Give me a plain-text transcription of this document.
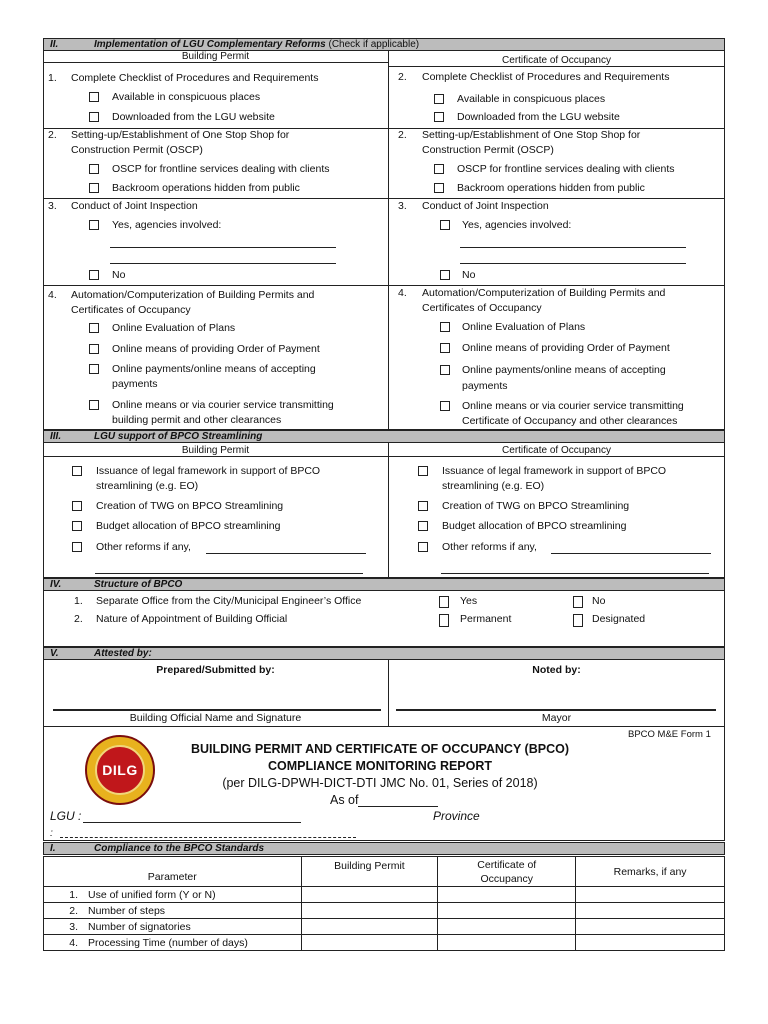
II.	Implementation of LGU Complementary Reforms (Check if applicable)
Building Permit	Certificate of Occupancy
1. Complete Checklist of Procedures and Requirements
Available in conspicuous places
Downloaded from the LGU website
2. Setting-up/Establishment of One Stop Shop for
Construction Permit (OSCP)
OSCP for frontline services dealing with clients
Backroom operations hidden from public
3. Conduct of Joint Inspection
Yes, agencies involved:
No
4. Automation/Computerization of Building Permits and
Certificates of Occupancy
Online Evaluation of Plans
Online means of providing Order of Payment
Online payments/online means of accepting
payments
Online means or via courier service transmitting
building permit and other clearances
2. Complete Checklist of Procedures and Requirements
Available in conspicuous places
Downloaded from the LGU website
2. Setting-up/Establishment of One Stop Shop for
Construction Permit (OSCP)
OSCP for frontline services dealing with clients
Backroom operations hidden from public
3. Conduct of Joint Inspection
Yes, agencies involved:
No
4. Automation/Computerization of Building Permits and
Certificates of Occupancy
Online Evaluation of Plans
Online means of providing Order of Payment
Online payments/online means of accepting
payments
Online means or via courier service transmitting
Certificate of Occupancy and other clearances
III.	LGU support of BPCO Streamlining
Building Permit	Certificate of Occupancy
Issuance of legal framework in support of BPCO
streamlining (e.g. EO)
Creation of TWG on BPCO Streamlining
Budget allocation of BPCO streamlining
Other reforms if any,
Issuance of legal framework in support of BPCO
streamlining (e.g. EO)
Creation of TWG on BPCO Streamlining
Budget allocation of BPCO streamlining
Other reforms if any,
IV.	Structure of BPCO
1. Separate Office from the City/Municipal Engineer’s Office	Yes	No
2. Nature of Appointment of Building Official	Permanent	Designated
V.	Attested by:
Prepared/Submitted by:	Noted by:
Building Official Name and Signature	Mayor
BPCO M&E Form 1
DILG
BUILDING PERMIT AND CERTIFICATE OF OCCUPANCY (BPCO)
COMPLIANCE MONITORING REPORT
(per DILG-DPWH-DICT-DTI JMC No. 01, Series of 2018)
As of
LGU :	Province
:
I.	Compliance to the BPCO Standards
Parameter	Building Permit	Certificate of Occupancy	Remarks, if any
1. Use of unified form (Y or N)			
2. Number of steps			
3. Number of signatories			
4. Processing Time (number of days)			
